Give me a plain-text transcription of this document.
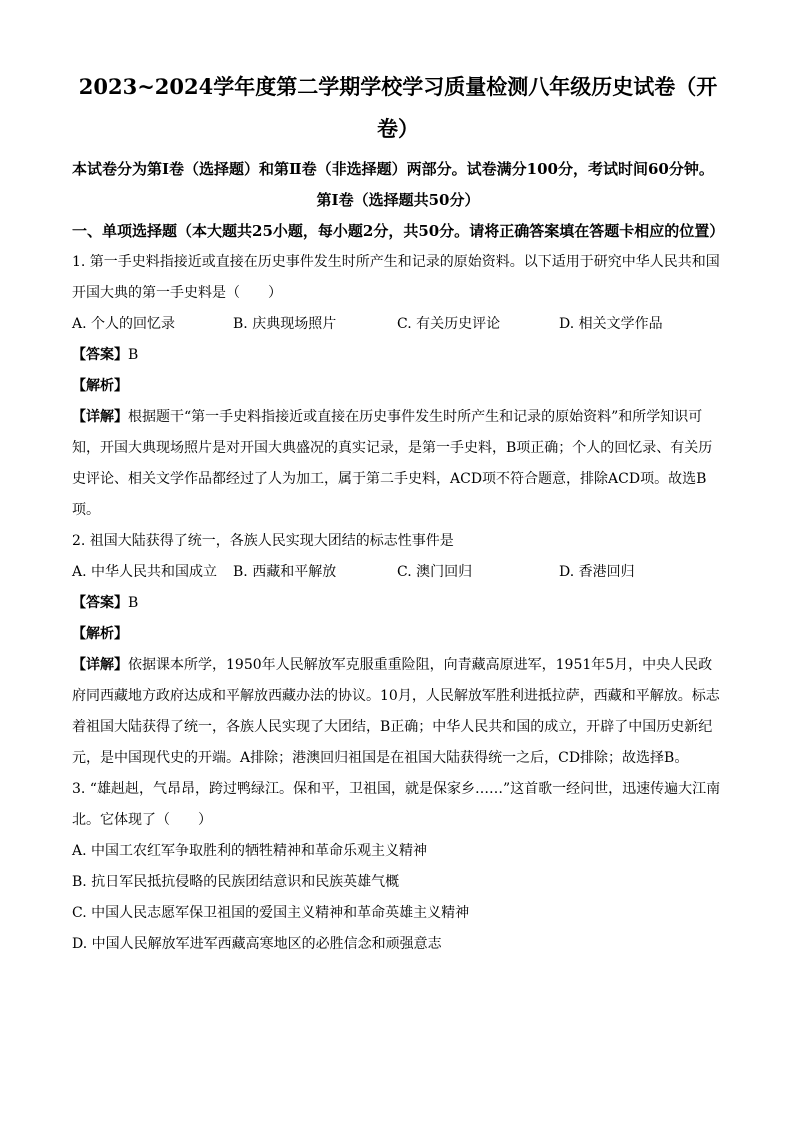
2023~2024学年度第二学期学校学习质量检测八年级历史试卷（开卷）

本试卷分为第Ⅰ卷（选择题）和第Ⅱ卷（非选择题）两部分。试卷满分100分，考试时间60分钟。

第Ⅰ卷（选择题共50分）

一、单项选择题（本大题共25小题，每小题2分，共50分。请将正确答案填在答题卡相应的位置）

1. 第一手史料指接近或直接在历史事件发生时所产生和记录的原始资料。以下适用于研究中华人民共和国开国大典的第一手史料是（　　）

A. 个人的回忆录	B. 庆典现场照片	C. 有关历史评论	D. 相关文学作品

【答案】B

【解析】

【详解】根据题干“第一手史料指接近或直接在历史事件发生时所产生和记录的原始资料”和所学知识可知，开国大典现场照片是对开国大典盛况的真实记录，是第一手史料，B项正确；个人的回忆录、有关历史评论、相关文学作品都经过了人为加工，属于第二手史料，ACD项不符合题意，排除ACD项。故选B项。

2. 祖国大陆获得了统一，各族人民实现大团结的标志性事件是

A. 中华人民共和国成立	B. 西藏和平解放	C. 澳门回归	D. 香港回归

【答案】B

【解析】

【详解】依据课本所学，1950年人民解放军克服重重险阻，向青藏高原进军，1951年5月，中央人民政府同西藏地方政府达成和平解放西藏办法的协议。10月，人民解放军胜利进抵拉萨，西藏和平解放。标志着祖国大陆获得了统一，各族人民实现了大团结，B正确；中华人民共和国的成立，开辟了中国历史新纪元，是中国现代史的开端。A排除；港澳回归祖国是在祖国大陆获得统一之后，CD排除；故选择B。

3. “雄赳赳，气昂昂，跨过鸭绿江。保和平，卫祖国，就是保家乡……”这首歌一经问世，迅速传遍大江南北。它体现了（　　）

A. 中国工农红军争取胜利的牺牲精神和革命乐观主义精神

B. 抗日军民抵抗侵略的民族团结意识和民族英雄气概

C. 中国人民志愿军保卫祖国的爱国主义精神和革命英雄主义精神

D. 中国人民解放军进军西藏高寒地区的必胜信念和顽强意志
